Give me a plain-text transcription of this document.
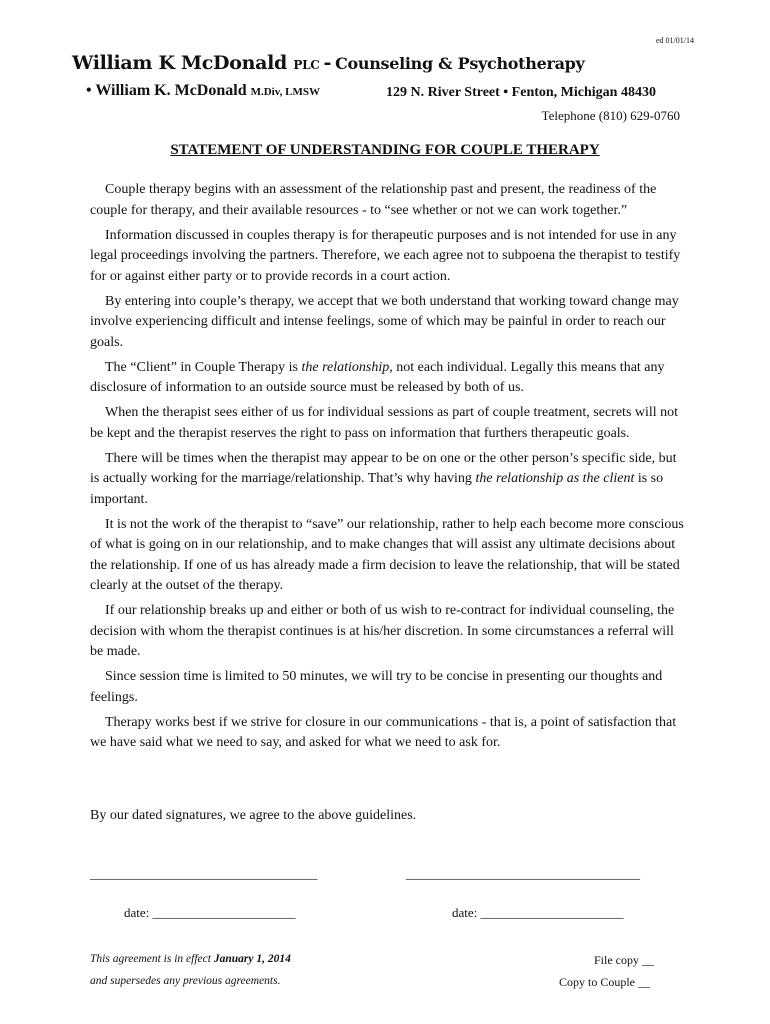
ed 01/01/14
William K McDonald PLC - Counseling & Psychotherapy
• William K. McDonald M.Div, LMSW	129 N. River Street • Fenton, Michigan 48430
Telephone (810) 629-0760
STATEMENT OF UNDERSTANDING FOR COUPLE THERAPY

Couple therapy begins with an assessment of the relationship past and present, the readiness of the couple for therapy, and their available resources - to “see whether or not we can work together.”

Information discussed in couples therapy is for therapeutic purposes and is not intended for use in any legal proceedings involving the partners. Therefore, we each agree not to subpoena the therapist to testify for or against either party or to provide records in a court action.

By entering into couple’s therapy, we accept that we both understand that working toward change may involve experiencing difficult and intense feelings, some of which may be painful in order to reach our goals.

The “Client” in Couple Therapy is the relationship, not each individual. Legally this means that any disclosure of information to an outside source must be released by both of us.

When the therapist sees either of us for individual sessions as part of couple treatment, secrets will not be kept and the therapist reserves the right to pass on information that furthers therapeutic goals.

There will be times when the therapist may appear to be on one or the other person’s specific side, but is actually working for the marriage/relationship. That’s why having the relationship as the client is so important.

It is not the work of the therapist to “save” our relationship, rather to help each become more conscious of what is going on in our relationship, and to make changes that will assist any ultimate decisions about the relationship. If one of us has already made a firm decision to leave the relationship, that will be stated clearly at the outset of the therapy.

If our relationship breaks up and either or both of us wish to re-contract for individual counseling, the decision with whom the therapist continues is at his/her discretion. In some circumstances a referral will be made.

Since session time is limited to 50 minutes, we will try to be concise in presenting our thoughts and feelings.

Therapy works best if we strive for closure in our communications - that is, a point of satisfaction that we have said what we need to say, and asked for what we need to ask for.

By our dated signatures, we agree to the above guidelines.
___________________________________	____________________________________
date: ______________________	date: ______________________
This agreement is in effect January 1, 2014
and supersedes any previous agreements.
File copy __
Copy to Couple __
